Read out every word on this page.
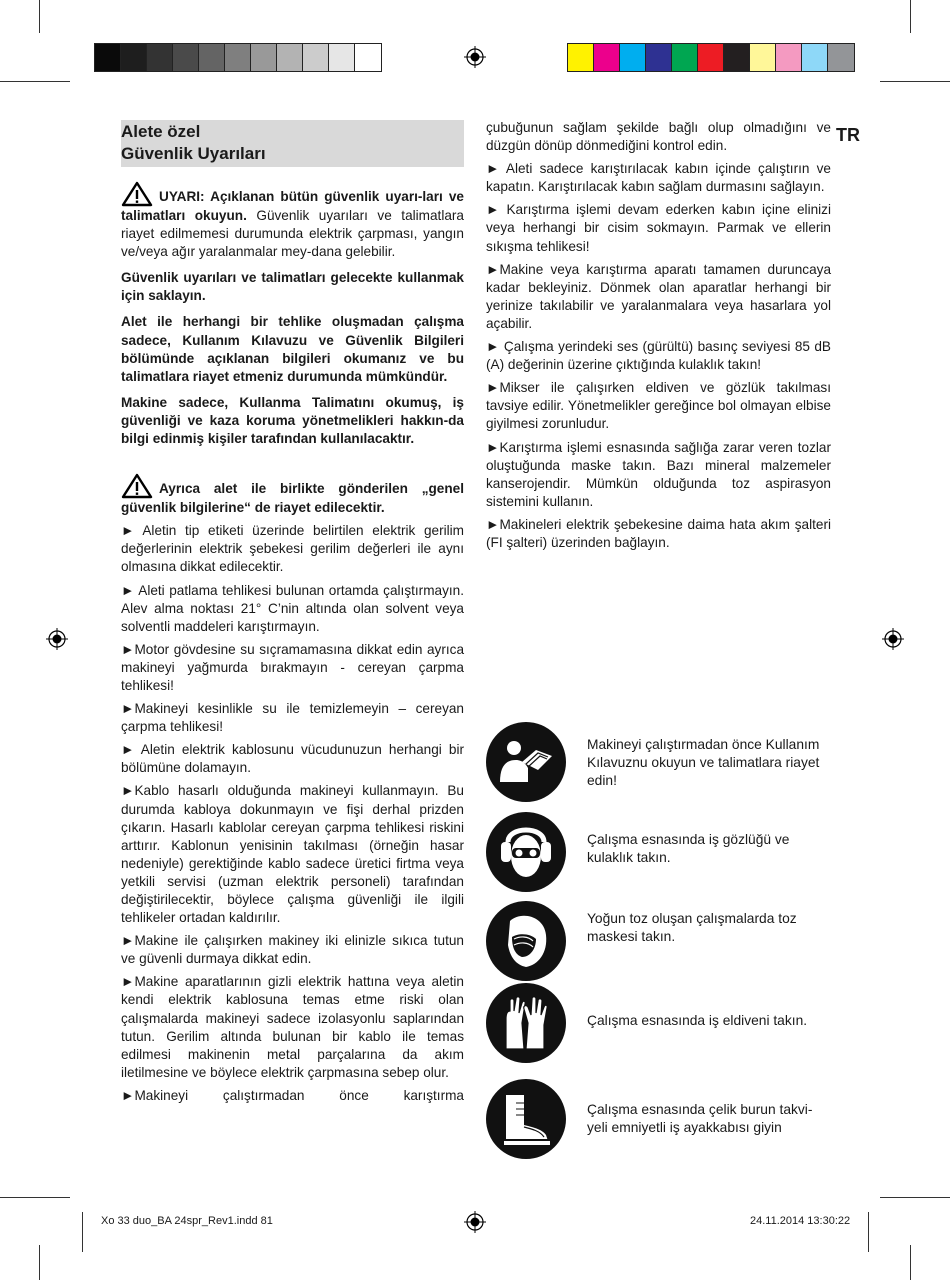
TR
Alete özel
Güvenlik Uyarıları

UYARI: Açıklanan bütün güvenlik uyarı-ları ve talimatları okuyun. Güvenlik uyarıları ve talimatlara riayet edilmemesi durumunda elektrik çarpması, yangın ve/veya ağır yaralanmalar mey-dana gelebilir.

Güvenlik uyarıları ve talimatları gelecekte kullanmak için saklayın.

Alet ile herhangi bir tehlike oluşmadan çalışma sadece, Kullanım Kılavuzu ve Güvenlik Bilgileri bölümünde açıklanan bilgileri okumanız ve bu talimatlara riayet etmeniz durumunda mümkündür.

Makine sadece, Kullanma Talimatını okumuş, iş güvenliği ve kaza koruma yönetmelikleri hakkın-da bilgi edinmiş kişiler tarafından kullanılacaktır.

Ayrıca alet ile birlikte gönderilen „genel güvenlik bilgilerine“ de riayet edilecektir.

► Aletin tip etiketi üzerinde belirtilen elektrik gerilim değerlerinin elektrik şebekesi gerilim değerleri ile aynı olmasına dikkat edilecektir.

► Aleti patlama tehlikesi bulunan ortamda çalıştırmayın. Alev alma noktası 21° C’nin altında olan solvent veya solventli maddeleri karıştırmayın.

►Motor gövdesine su sıçramamasına dikkat edin ayrıca makineyi yağmurda bırakmayın - cereyan çarpma tehlikesi!

►Makineyi kesinlikle su ile temizlemeyin – cereyan çarpma tehlikesi!

► Aletin elektrik kablosunu vücudunuzun herhangi bir bölümüne dolamayın.

►Kablo hasarlı olduğunda makineyi kullanmayın. Bu durumda kabloya dokunmayın ve fişi derhal prizden çıkarın. Hasarlı kablolar cereyan çarpma tehlikesi riskini arttırır. Kablonun yenisinin takılması (örneğin hasar nedeniyle) gerektiğinde kablo sadece üretici firtma veya yetkili servisi (uzman elektrik personeli) tarafından değiştirilecektir, böylece çalışma güvenliği ile ilgili tehlikeler ortadan kaldırılır.

►Makine ile çalışırken makiney iki elinizle sıkıca tutun ve güvenli durmaya dikkat edin.

►Makine aparatlarının gizli elektrik hattına veya aletin kendi elektrik kablosuna temas etme riski olan çalışmalarda makineyi sadece izolasyonlu saplarından tutun. Gerilim altında bulunan bir kablo ile temas edilmesi makinenin metal parçalarına da akım iletilmesine ve böylece elektrik çarpmasına sebep olur.

►Makineyi çalıştırmadan önce karıştırma

çubuğunun sağlam şekilde bağlı olup olmadığını ve düzgün dönüp dönmediğini kontrol edin.

► Aleti sadece karıştırılacak kabın içinde çalıştırın ve kapatın. Karıştırılacak kabın sağlam durmasını sağlayın.

► Karıştırma işlemi devam ederken kabın içine elinizi veya herhangi bir cisim sokmayın. Parmak ve ellerin sıkışma tehlikesi!

►Makine veya karıştırma aparatı tamamen duruncaya kadar bekleyiniz. Dönmek olan aparatlar herhangi bir yerinize takılabilir ve yaralanmalara veya hasarlara yol açabilir.

► Çalışma yerindeki ses (gürültü) basınç seviyesi 85 dB (A) değerinin üzerine çıktığında kulaklık takın!

►Mikser ile çalışırken eldiven ve gözlük takılması tavsiye edilir. Yönetmelikler gereğince bol olmayan elbise giyilmesi zorunludur.

►Karıştırma işlemi esnasında sağlığa zarar veren tozlar oluştuğunda maske takın. Bazı mineral malzemeler kanserojendir. Mümkün olduğunda toz aspirasyon sistemini kullanın.

►Makineleri elektrik şebekesine daima hata akım şalteri (FI şalteri) üzerinden bağlayın.

Makineyi çalıştırmadan önce Kullanım Kılavuznu okuyun ve talimatlara riayet edin!
Çalışma esnasında iş gözlüğü ve kulaklık takın.
Yoğun toz oluşan çalışmalarda toz maskesi takın.
Çalışma esnasında iş eldiveni takın.
Çalışma esnasında çelik burun takvi-yeli emniyetli iş ayakkabısı giyin
Xo 33 duo_BA 24spr_Rev1.indd 81	24.11.2014 13:30:22
